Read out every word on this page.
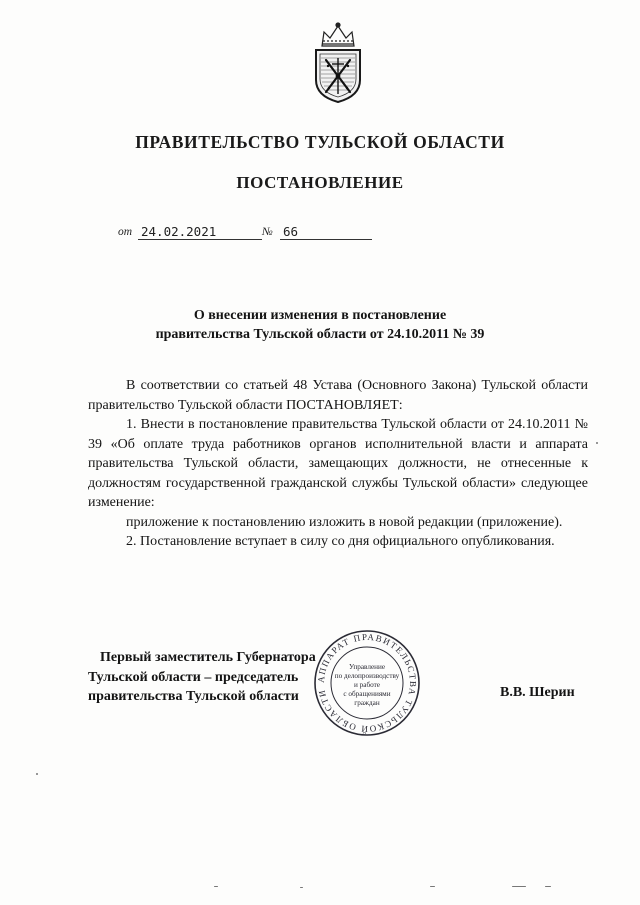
ПРАВИТЕЛЬСТВО ТУЛЬСКОЙ ОБЛАСТИ
ПОСТАНОВЛЕНИЕ
от 24.02.2021	№ 66
О внесении изменения в постановление
правительства Тульской области от 24.10.2011 № 39

В соответствии со статьей 48 Устава (Основного Закона) Тульской области правительство Тульской области ПОСТАНОВЛЯЕТ:

1. Внести в постановление правительства Тульской области от 24.10.2011 № 39 «Об оплате труда работников органов исполнительной власти и аппарата правительства Тульской области, замещающих должности, не отнесенные к должностям государственной гражданской службы Тульской области» следующее изменение:

приложение к постановлению изложить в новой редакции (приложение).

2. Постановление вступает в силу со дня официального опубликования.

АППАРАТ ПРАВИТЕЛЬСТВА ТУЛЬСКОЙ ОБЛАСТИ
Управление
по делопроизводству
и работе
с обращениями
граждан
Первый заместитель Губернатора
Тульской области – председатель
правительства Тульской области	В.В. Шерин
